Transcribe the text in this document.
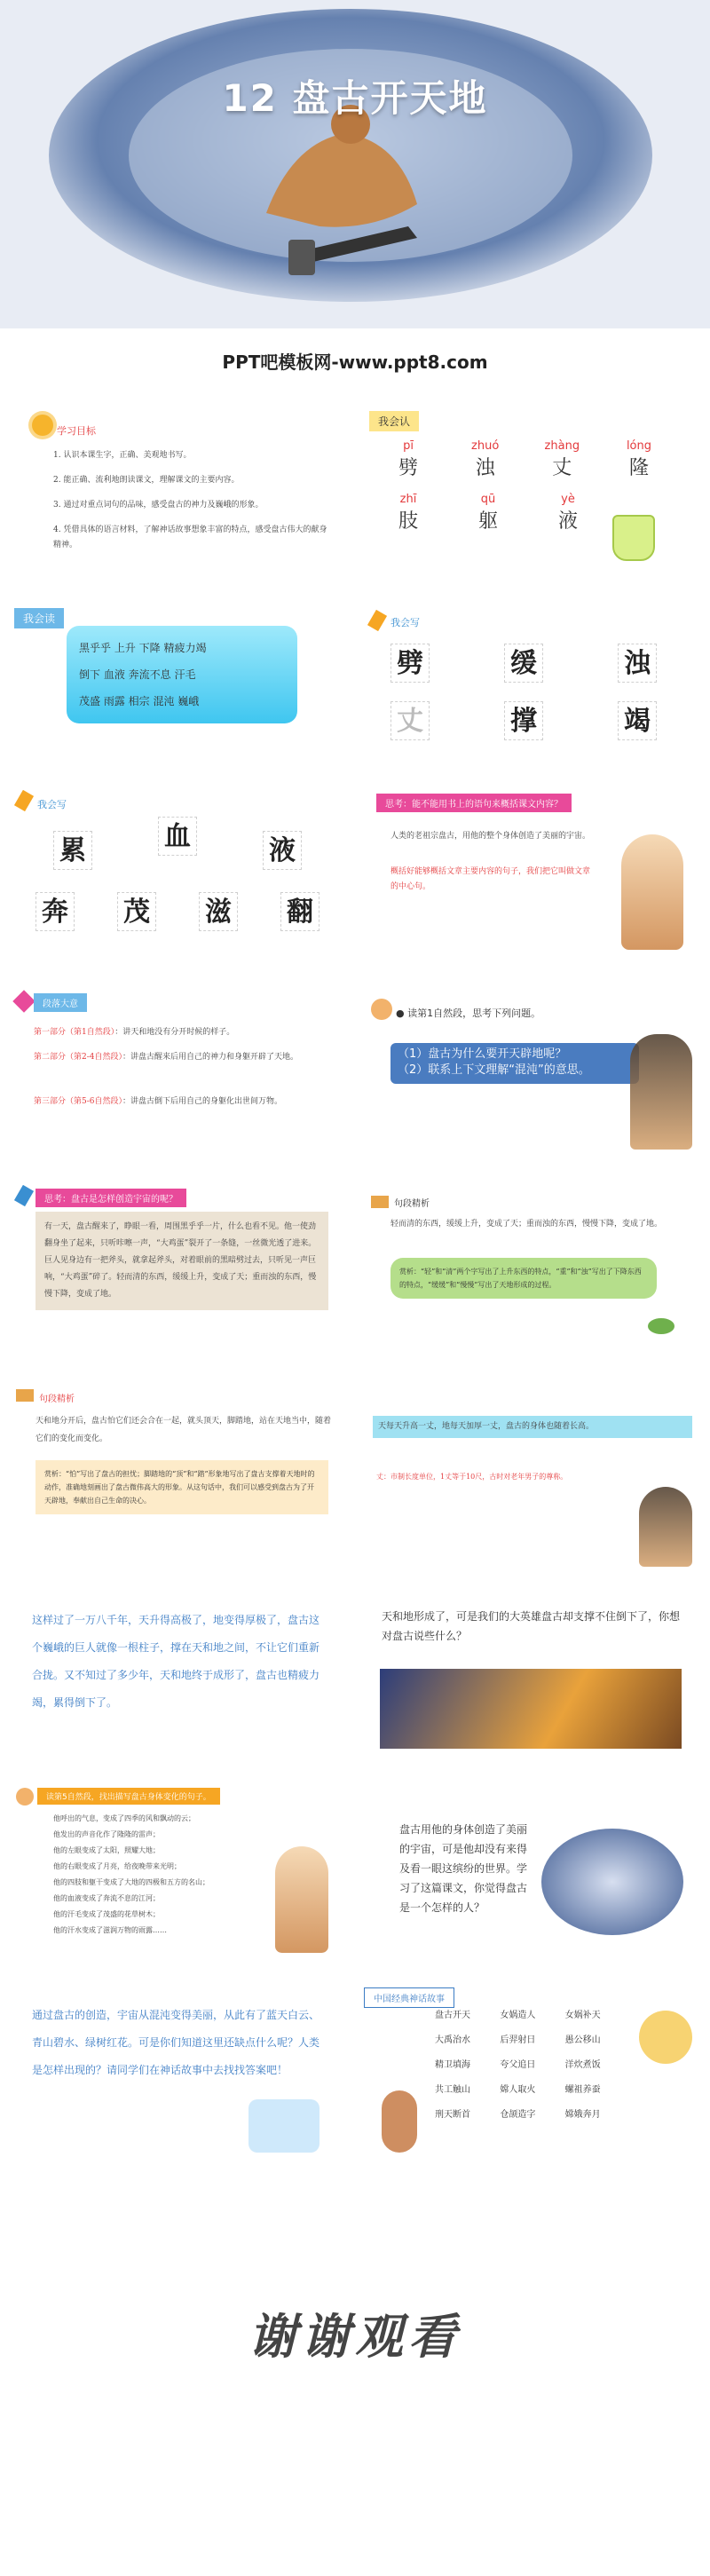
12 盘古开天地
PPT吧模板网-www.ppt8.com
学习目标
1. 认识本课生字，正确、美观地书写。
2. 能正确、流利地朗读课文，理解课文的主要内容。
3. 通过对重点词句的品味，感受盘古的神力及巍峨的形象。
4. 凭借具体的语言材料，了解神话故事想象丰富的特点，感受盘古伟大的献身精神。
我会认
pī
劈
zhuó
浊
zhàng
丈
lóng
隆
zhī
肢
qū
躯
yè
液
我会读
黑乎乎 上升 下降 精疲力竭
倒下 血液 奔流不息 汗毛
茂盛 雨露 相宗 混沌 巍峨
我会写
劈	缓	浊
丈	撑	竭
我会写
累	血	液
奔 茂 滋 翻
思考：能不能用书上的语句来概括课文内容？
人类的老祖宗盘古，用他的整个身体创造了美丽的宇宙。
概括好能够概括文章主要内容的句子，我们把它叫做文章的中心句。
段落大意
第一部分（第1自然段）：讲天和地没有分开时候的样子。
第二部分（第2-4自然段）：讲盘古醒来后用自己的神力和身躯开辟了天地。
第三部分（第5-6自然段）：讲盘古倒下后用自己的身躯化出世间万物。
● 读第1自然段，思考下列问题。
（1）盘古为什么要开天辟地呢？
（2）联系上下文理解“混沌”的意思。
思考：盘古是怎样创造宇宙的呢？
有一天，盘古醒来了，睁眼一看，周围黑乎乎一片，什么也看不见。他一使劲翻身坐了起来，只听咔嚓一声，“大鸡蛋”裂开了一条缝，一丝微光透了进来。巨人见身边有一把斧头，就拿起斧头，对着眼前的黑暗劈过去，只听见一声巨响，“大鸡蛋”碎了。轻而清的东西，缓缓上升，变成了天；重而浊的东西，慢慢下降，变成了地。
句段精析
轻而清的东西，缓缓上升，变成了天；重而浊的东西，慢慢下降，变成了地。
赏析：“轻”和“清”两个字写出了上升东西的特点，“重”和“浊”写出了下降东西的特点，“缓缓”和“慢慢”写出了天地形成的过程。
句段精析
天和地分开后，盘古怕它们还会合在一起，就头顶天，脚踏地，站在天地当中，随着它们的变化而变化。
赏析：“怕”写出了盘古的担忧；脚踏地的“顶”和“踏”形象地写出了盘古支撑着天地时的动作，准确地刻画出了盘古微伟高大的形象。从这句话中，我们可以感受到盘古为了开天辟地，奉献出自己生命的决心。
天每天升高一丈，地每天加厚一丈，盘古的身体也随着长高。
丈：市制长度单位，1丈等于10尺，古时对老年男子的尊称。
这样过了一万八千年，天升得高极了，地变得厚极了，盘古这个巍峨的巨人就像一根柱子，撑在天和地之间，不让它们重新合拢。又不知过了多少年，天和地终于成形了，盘古也精疲力竭，累得倒下了。
天和地形成了，可是我们的大英雄盘古却支撑不住倒下了，你想对盘古说些什么？
读第5自然段，找出描写盘古身体变化的句子。
他呼出的气息，变成了四季的风和飘动的云；
他发出的声音化作了隆隆的雷声；
他的左眼变成了太阳，照耀大地；
他的右眼变成了月亮，给夜晚带来光明；
他的四肢和躯干变成了大地的四极和五方的名山；
他的血液变成了奔流不息的江河；
他的汗毛变成了茂盛的花草树木；
他的汗水变成了滋润万物的雨露……
盘古用他的身体创造了美丽的宇宙，可是他却没有来得及看一眼这缤纷的世界。学习了这篇课文，你觉得盘古是一个怎样的人？
通过盘古的创造，宇宙从混沌变得美丽，从此有了蓝天白云、青山碧水、绿树红花。可是你们知道这里还缺点什么呢？人类是怎样出现的？请同学们在神话故事中去找找答案吧！
中国经典神话故事
盘古开天	女娲造人	女娲补天
大禹治水	后羿射日	愚公移山
精卫填海	夸父追日	洋炊煮饭
共工触山	嫦人取火	螺祖养蚕
刑天断首	仓颉造字	嫦娥奔月
谢谢观看
